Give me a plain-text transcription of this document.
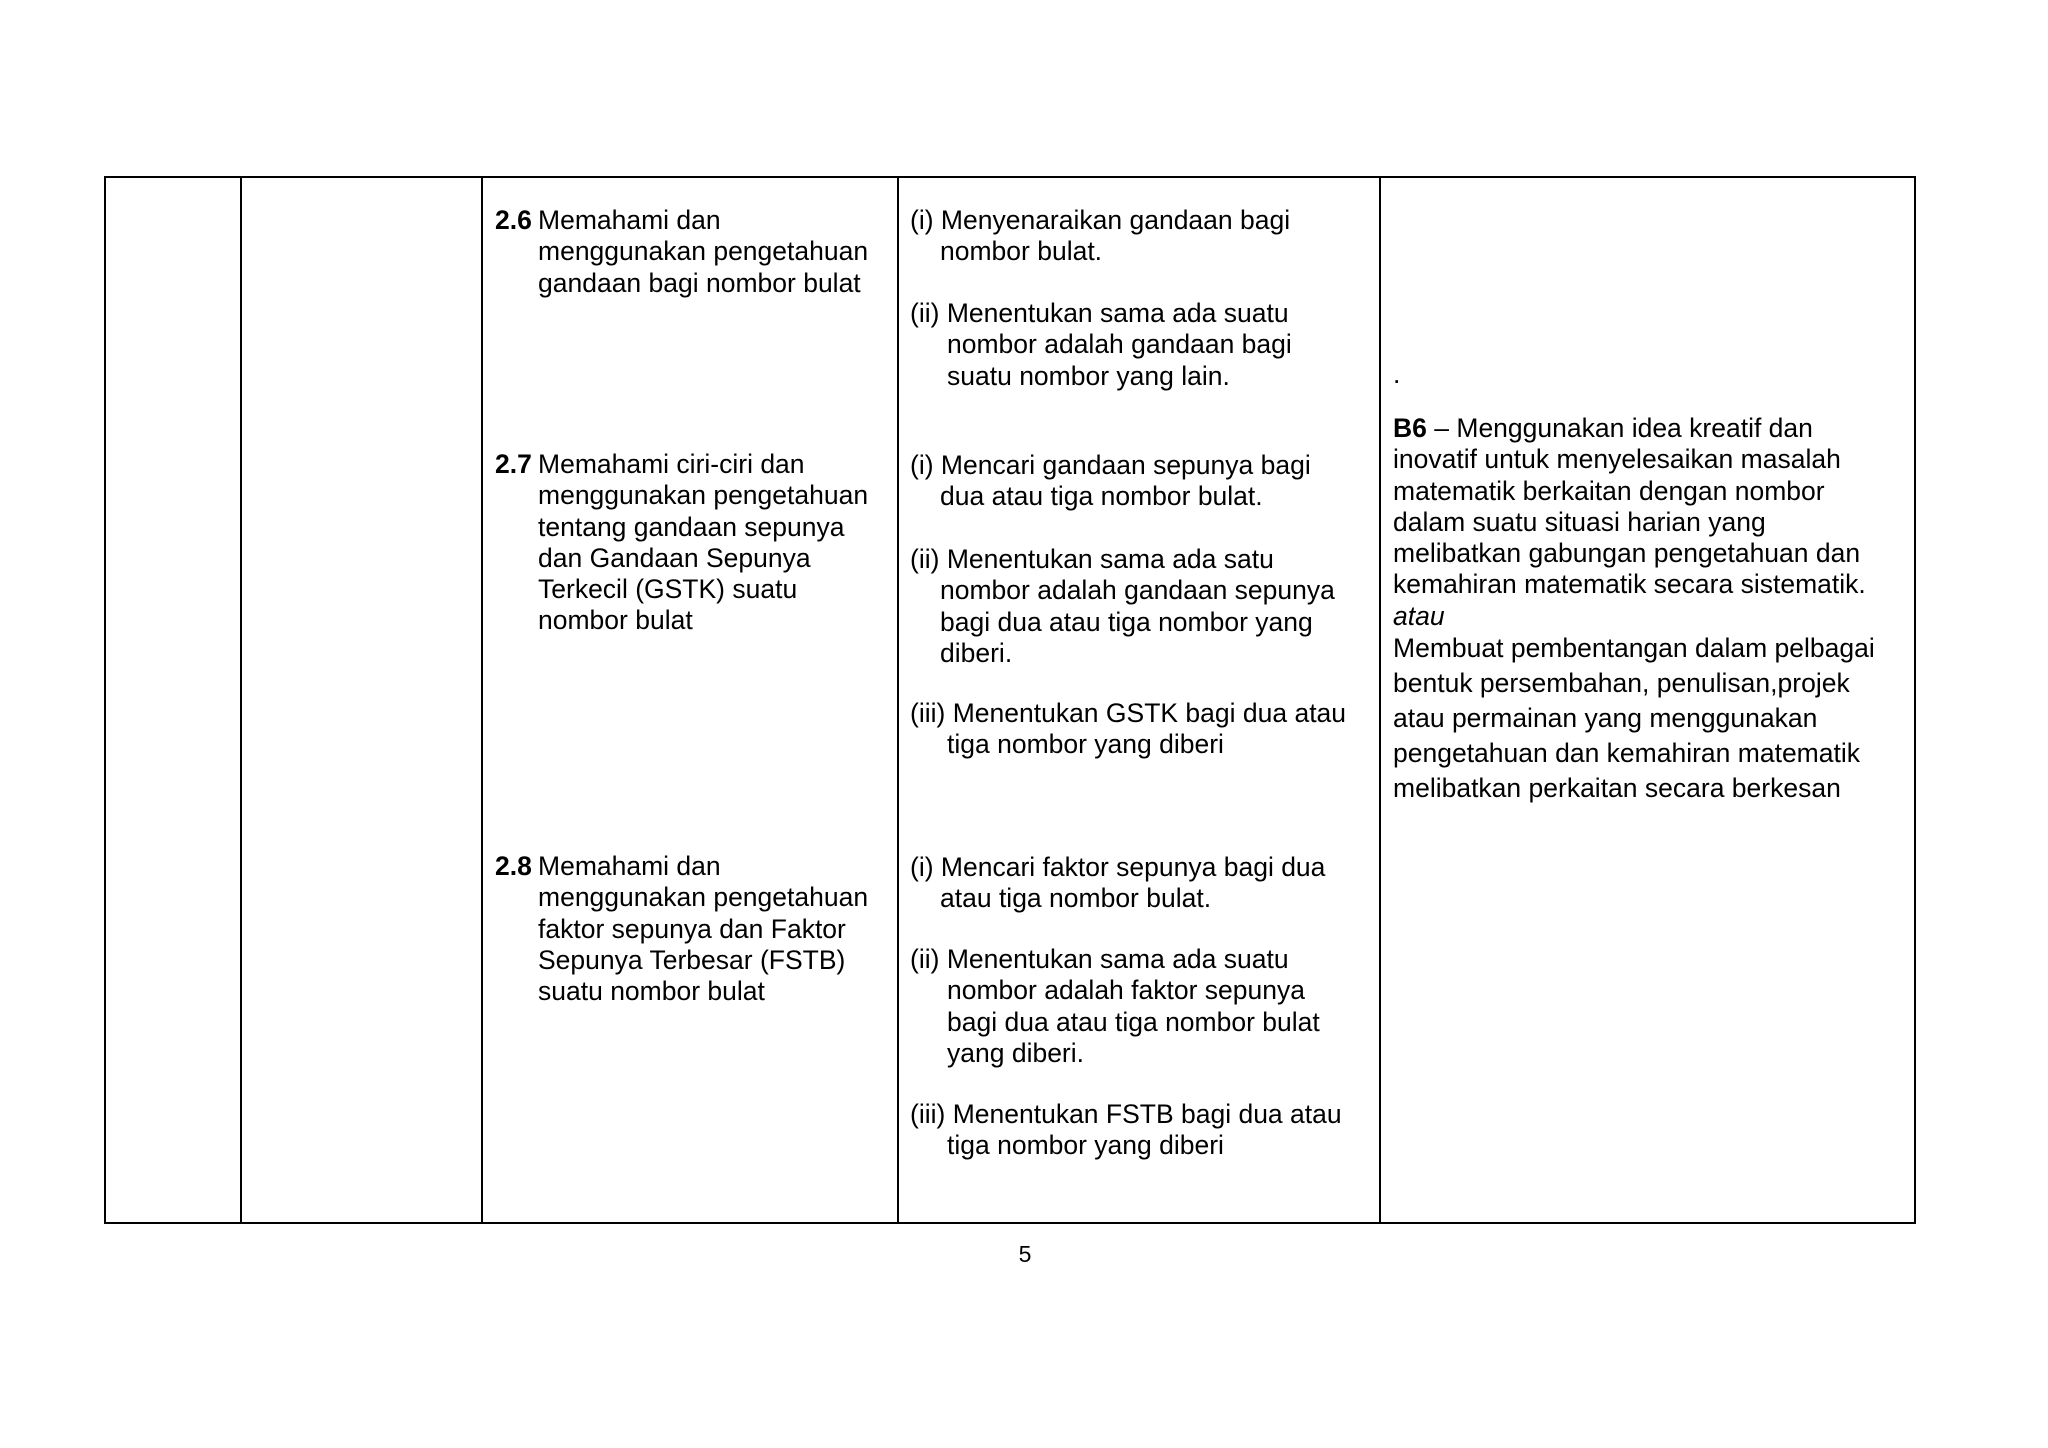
2.6 Memahami dan
menggunakan pengetahuan
gandaan bagi nombor bulat
2.7 Memahami ciri-ciri dan
menggunakan pengetahuan
tentang gandaan sepunya
dan Gandaan Sepunya
Terkecil (GSTK) suatu
nombor bulat
2.8 Memahami dan
menggunakan pengetahuan
faktor sepunya dan Faktor
Sepunya Terbesar (FSTB)
suatu nombor bulat
(i) Menyenaraikan gandaan bagi
nombor bulat.
(ii) Menentukan sama ada suatu
nombor adalah gandaan bagi
suatu nombor yang lain.
(i) Mencari gandaan sepunya bagi
dua atau tiga nombor bulat.
(ii) Menentukan sama ada satu
nombor adalah gandaan sepunya
bagi dua atau tiga nombor yang
diberi.
(iii) Menentukan GSTK bagi dua atau
tiga nombor yang diberi
(i) Mencari faktor sepunya bagi dua
atau tiga nombor bulat.
(ii) Menentukan sama ada suatu
nombor adalah faktor sepunya
bagi dua atau tiga nombor bulat
yang diberi.
(iii) Menentukan FSTB bagi dua atau
tiga nombor yang diberi
.
B6 – Menggunakan idea kreatif dan
inovatif untuk menyelesaikan masalah
matematik berkaitan dengan nombor
dalam suatu situasi harian yang
melibatkan gabungan pengetahuan dan
kemahiran matematik secara sistematik.
atau
Membuat pembentangan dalam pelbagai
bentuk persembahan, penulisan,projek
atau permainan yang menggunakan
pengetahuan dan kemahiran matematik
melibatkan perkaitan secara berkesan
5
